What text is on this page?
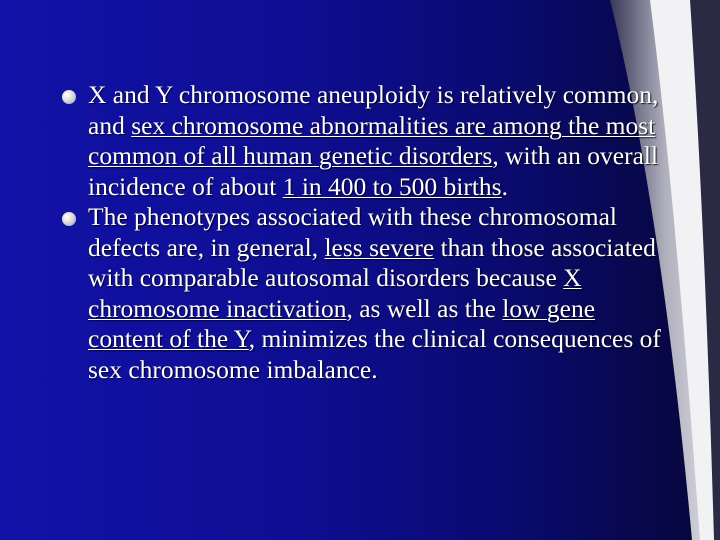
X and Y chromosome aneuploidy is relatively common, and sex chromosome abnormalities are among the most common of all human genetic disorders, with an overall incidence of about 1 in 400 to 500 births.
The phenotypes associated with these chromosomal defects are, in general, less severe than those associated with comparable autosomal disorders because X chromosome inactivation, as well as the low gene content of the Y, minimizes the clinical consequences of sex chromosome imbalance.
